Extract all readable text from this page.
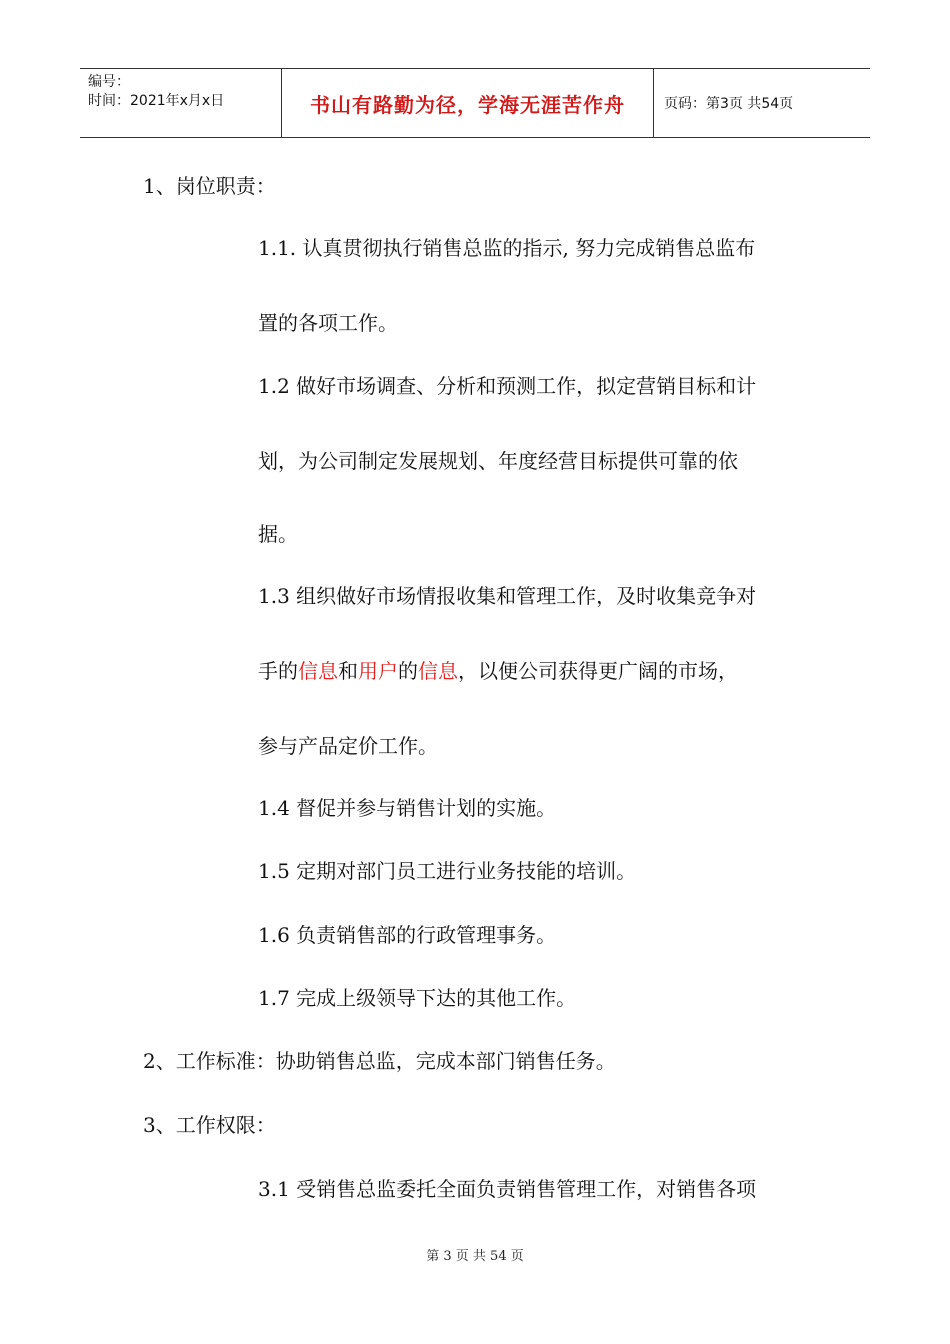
编号：
时间：2021年x月x日	书山有路勤为径，学海无涯苦作舟	页码：第3页 共54页
1、岗位职责：
1.1. 认真贯彻执行销售总监的指示, 努力完成销售总监布
置的各项工作。
1.2 做好市场调查、分析和预测工作，拟定营销目标和计
划，为公司制定发展规划、年度经营目标提供可靠的依
据。
1.3 组织做好市场情报收集和管理工作，及时收集竞争对
手的信息和用户的信息，以便公司获得更广阔的市场，
参与产品定价工作。
1.4 督促并参与销售计划的实施。
1.5 定期对部门员工进行业务技能的培训。
1.6 负责销售部的行政管理事务。
1.7 完成上级领导下达的其他工作。
2、工作标准：协助销售总监，完成本部门销售任务。
3、工作权限：
3.1 受销售总监委托全面负责销售管理工作，对销售各项
第 3 页 共 54 页
